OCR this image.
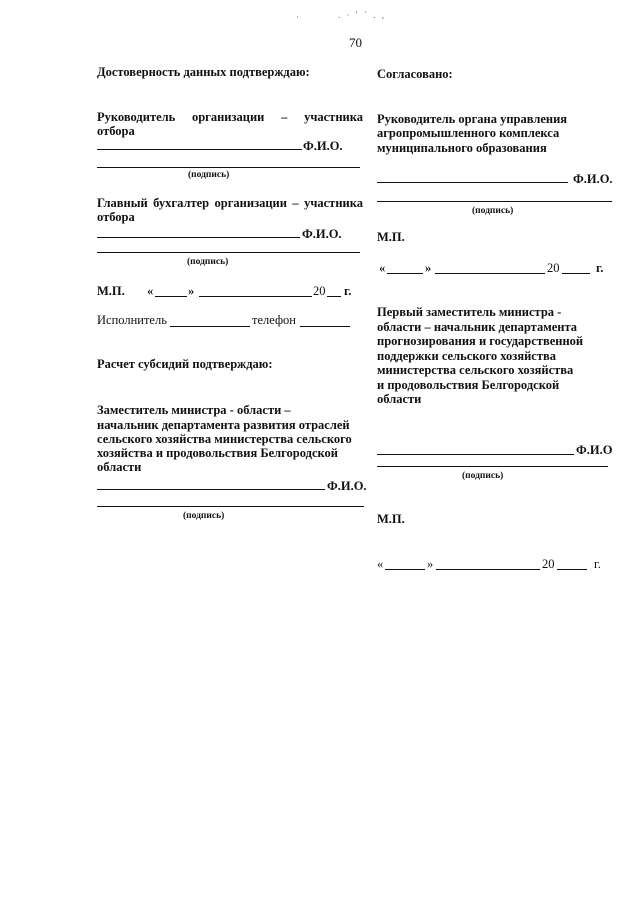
·	. · ′ ˋ . ,
70
Достоверность данных подтверждаю:
Руководитель организации – участника
отбора
Ф.И.О.
(подпись)
Главный бухгалтер организации – участника
отбора
Ф.И.О.
(подпись)
М.П. «	»	20 г.
Исполнитель	телефон
Расчет субсидий подтверждаю:
Заместитель министра - области –
начальник департамента развития отраслей
сельского хозяйства министерства сельского
хозяйства и продовольствия Белгородской
области
Ф.И.О.
(подпись)
Согласовано:
Руководитель органа управления
агропромышленного комплекса
муниципального образования
Ф.И.О.
(подпись)
М.П.
«	»	20	г.
Первый заместитель министра -
области – начальник департамента
прогнозирования и государственной
поддержки сельского хозяйства
министерства сельского хозяйства
и продовольствия Белгородской
области
Ф.И.О
(подпись)
М.П.
«	»	20	г.
